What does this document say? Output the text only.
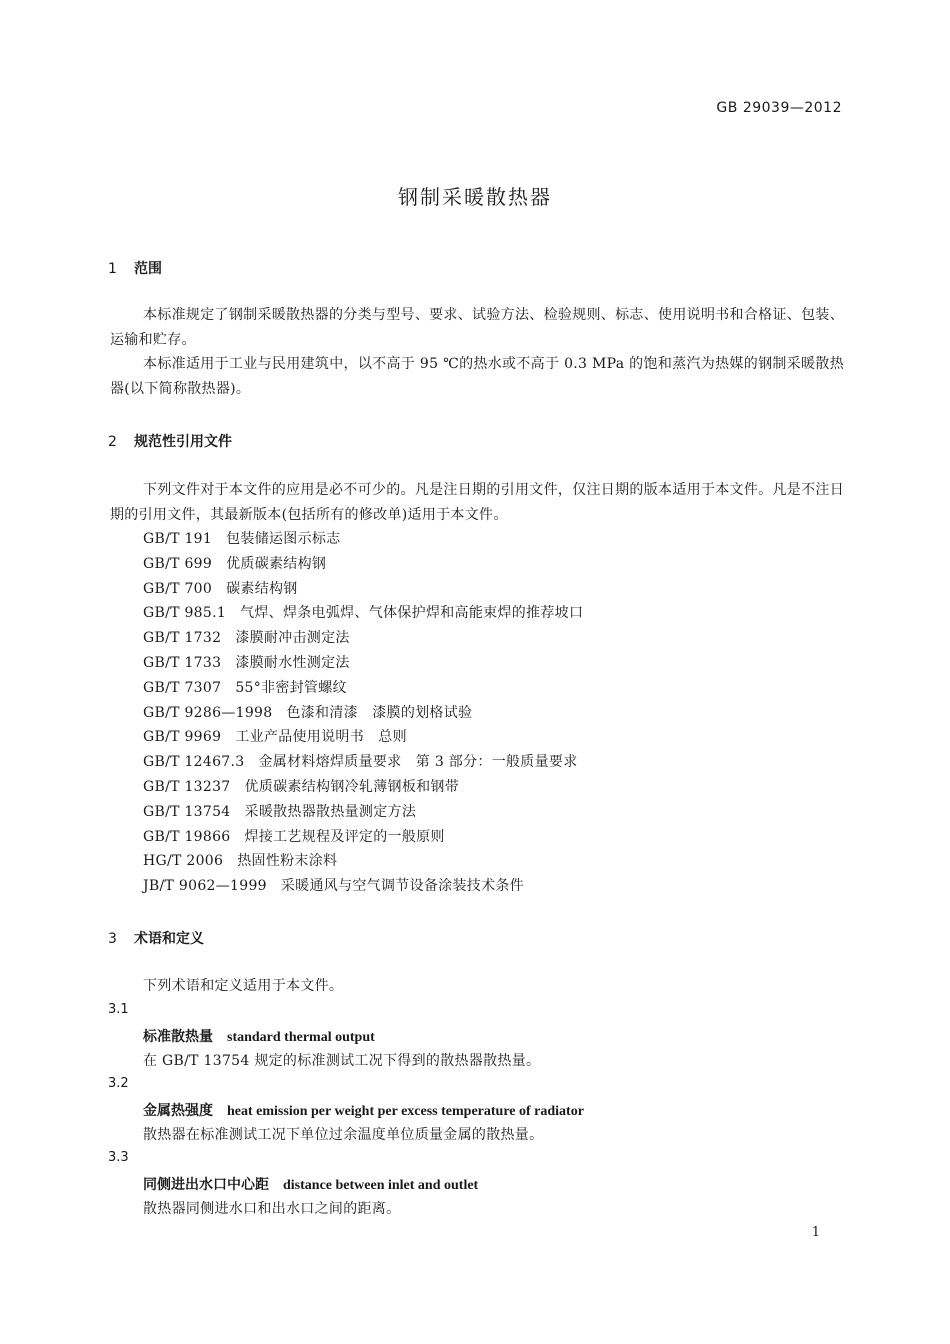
GB 29039—2012
钢制采暖散热器
1 范围

本标准规定了钢制采暖散热器的分类与型号、要求、试验方法、检验规则、标志、使用说明书和合格证、包装、运输和贮存。

本标准适用于工业与民用建筑中，以不高于 95 ℃的热水或不高于 0.3 MPa 的饱和蒸汽为热媒的钢制采暖散热器(以下简称散热器)。

2 规范性引用文件

下列文件对于本文件的应用是必不可少的。凡是注日期的引用文件，仅注日期的版本适用于本文件。凡是不注日期的引用文件，其最新版本(包括所有的修改单)适用于本文件。

GB/T 191 包装储运图示标志
GB/T 699 优质碳素结构钢
GB/T 700 碳素结构钢
GB/T 985.1 气焊、焊条电弧焊、气体保护焊和高能束焊的推荐坡口
GB/T 1732 漆膜耐冲击测定法
GB/T 1733 漆膜耐水性测定法
GB/T 7307 55°非密封管螺纹
GB/T 9286—1998 色漆和清漆　漆膜的划格试验
GB/T 9969 工业产品使用说明书　总则
GB/T 12467.3 金属材料熔焊质量要求　第 3 部分：一般质量要求
GB/T 13237 优质碳素结构钢冷轧薄钢板和钢带
GB/T 13754 采暖散热器散热量测定方法
GB/T 19866 焊接工艺规程及评定的一般原则
HG/T 2006 热固性粉末涂料
JB/T 9062—1999 采暖通风与空气调节设备涂装技术条件
3 术语和定义
下列术语和定义适用于本文件。
3.1
标准散热量 standard thermal output
在 GB/T 13754 规定的标准测试工况下得到的散热器散热量。
3.2
金属热强度 heat emission per weight per excess temperature of radiator
散热器在标准测试工况下单位过余温度单位质量金属的散热量。
3.3
同侧进出水口中心距 distance between inlet and outlet
散热器同侧进水口和出水口之间的距离。
1
